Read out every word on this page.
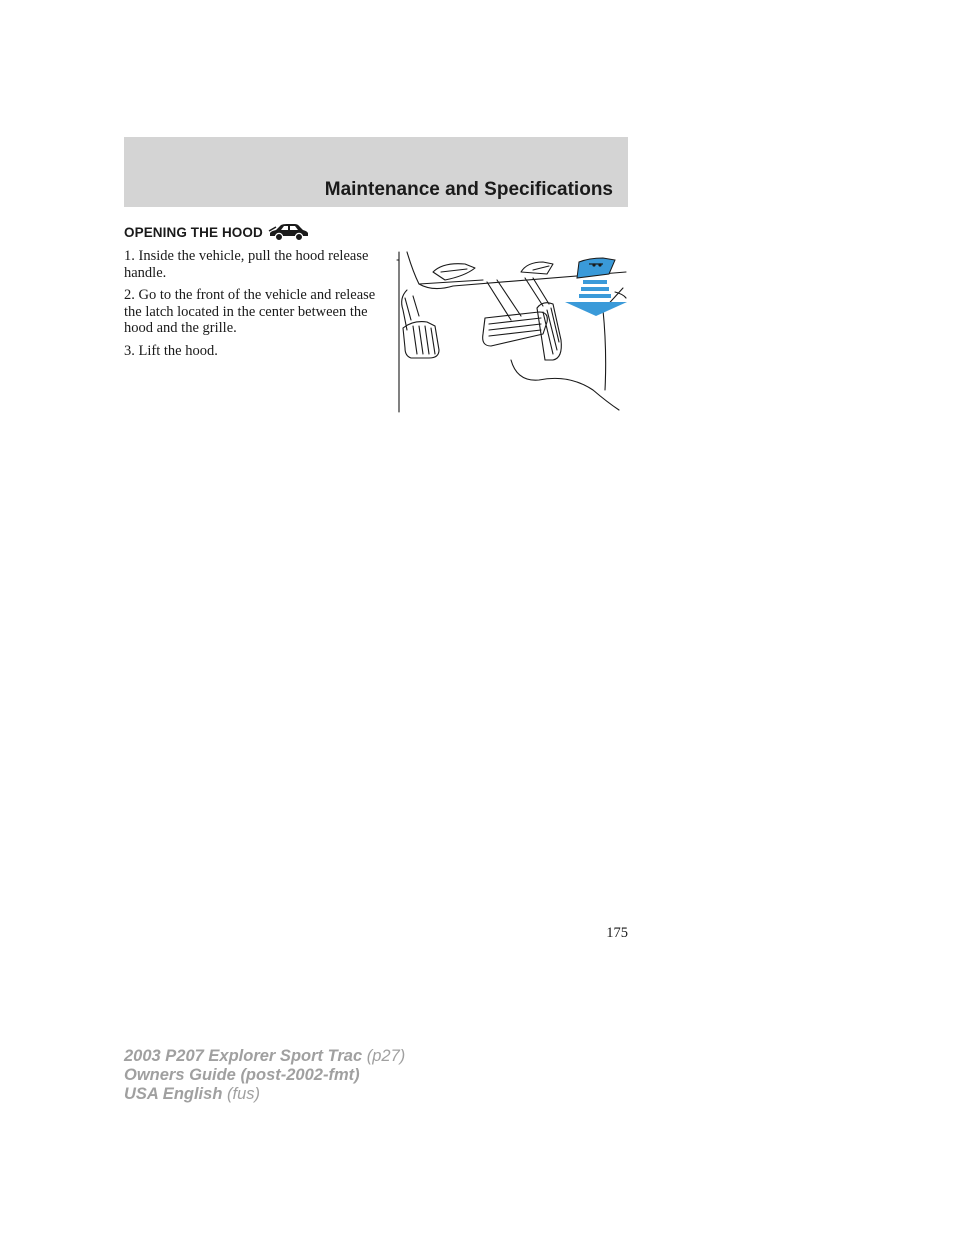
Maintenance and Specifications
OPENING THE HOOD

1. Inside the vehicle, pull the hood release handle.

2. Go to the front of the vehicle and release the latch located in the center between the hood and the grille.

3. Lift the hood.

175
2003 P207 Explorer Sport Trac (p27)
Owners Guide (post-2002-fmt)
USA English (fus)
